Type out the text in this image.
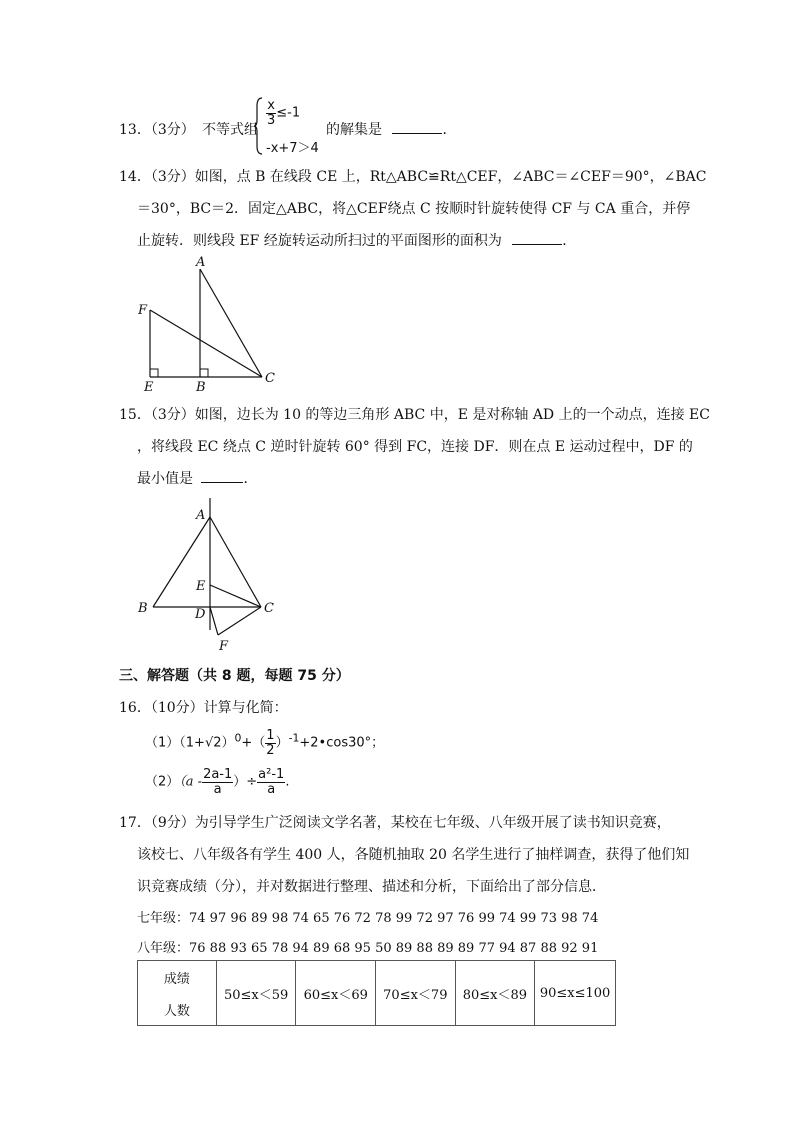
13．（3分） 不等式组
$\frac{x}{3} \le-1$
-x+7＞4
的解集是	．
14．（3分）如图，点 B 在线段 CE 上，Rt△ABC≌Rt△CEF，∠ABC＝∠CEF＝90°，∠BAC
＝30°，BC＝2．固定△ABC，将△CEF绕点 C 按顺时针旋转使得 CF 与 CA 重合，并停
止旋转．则线段 EF 经旋转运动所扫过的平面图形的面积为	．
A
F
E	B
C
15．（3分）如图，边长为 10 的等边三角形 ABC 中，E 是对称轴 AD 上的一个动点，连接 EC
，将线段 EC 绕点 C 逆时针旋转 60° 得到 FC，连接 DF．则在点 E 运动过程中，DF 的
最小值是	．
A
E
B	D	C
F
三、解答题（共 8 题，每题 75 分）
16．（10分）计算与化简：
$(1)(1+√2)^0+( \frac{1}{2}$ ）$^{-1}+2•\cos 30^\circ$；
$(2)(a - \frac{2a-1}{a}$ ）÷ $\frac{\text{a²-1}}{a}$ .
17．（9分）为引导学生广泛阅读文学名著，某校在七年级、八年级开展了读书知识竞赛，
该校七、八年级各有学生 400 人，各随机抽取 20 名学生进行了抽样调查，获得了他们知
识竞赛成绩（分），并对数据进行整理、描述和分析，下面给出了部分信息．
七年级：74 97 96 89 98 74 65 76 72 78 99 72 97 76 99 74 99 73 98 74
八年级：76 88 93 65 78 94 89 68 95 50 89 88 89 89 77 94 87 88 92 91
成绩	50≤x＜59	60≤x＜69	70≤x＜79	80≤x＜89	90≤x≤100
人数
